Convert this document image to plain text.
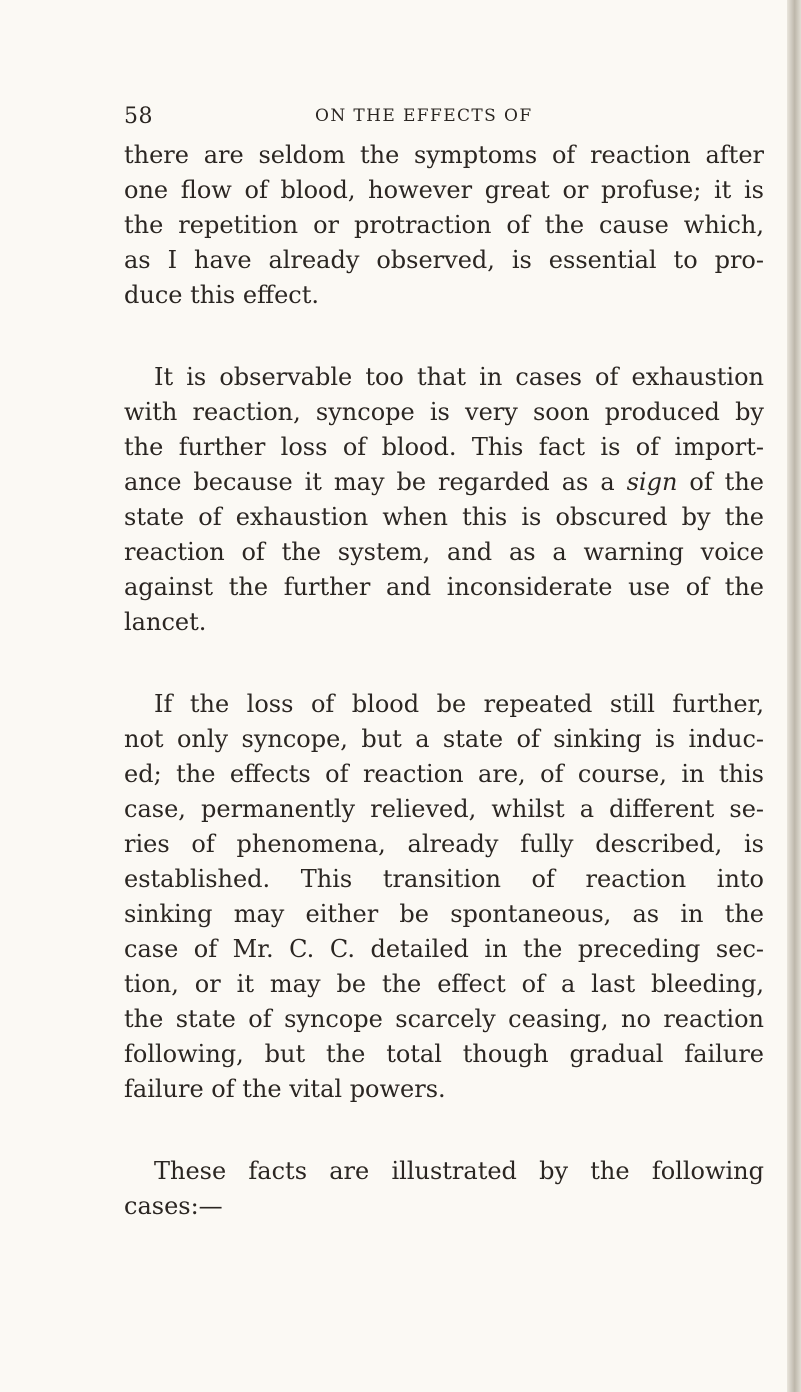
58	ON THE EFFECTS OF
there are seldom the symptoms of reaction after
one flow of blood, however great or profuse; it is
the repetition or protraction of the cause which,
as I have already observed, is essential to pro-
duce this effect.
It is observable too that in cases of exhaustion
with reaction, syncope is very soon produced by
the further loss of blood. This fact is of import-
ance because it may be regarded as a sign of the
state of exhaustion when this is obscured by the
reaction of the system, and as a warning voice
against the further and inconsiderate use of the
lancet.
If the loss of blood be repeated still further,
not only syncope, but a state of sinking is induc-
ed; the effects of reaction are, of course, in this
case, permanently relieved, whilst a different se-
ries of phenomena, already fully described, is
established. This transition of reaction into
sinking may either be spontaneous, as in the
case of Mr. C. C. detailed in the preceding sec-
tion, or it may be the effect of a last bleeding,
the state of syncope scarcely ceasing, no reaction
following, but the total though gradual failure
failure of the vital powers.
These facts are illustrated by the following
cases:—
